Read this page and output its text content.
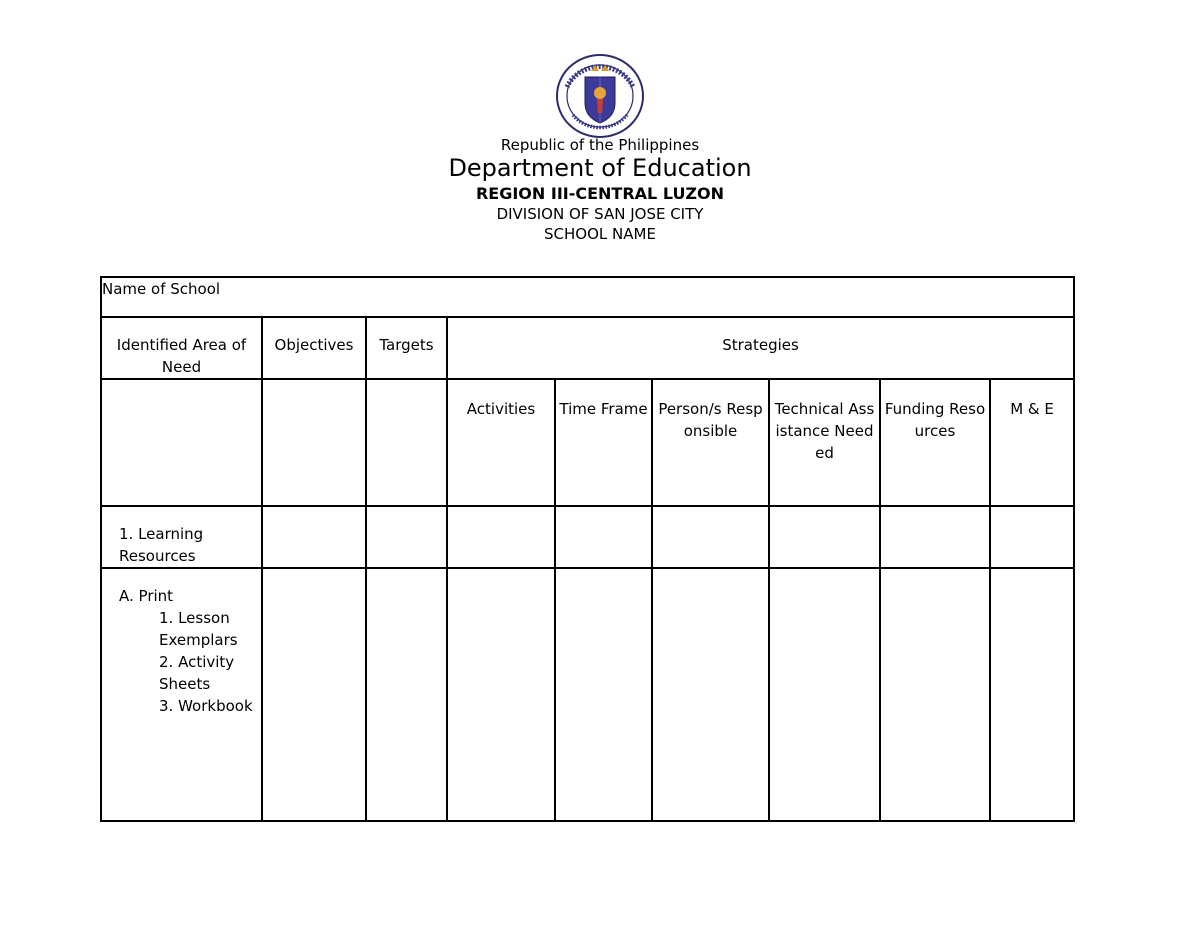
Republic of the Philippines
Department of Education
REGION III-CENTRAL LUZON
DIVISION OF SAN JOSE CITY
SCHOOL NAME
Name of School								
Identified Area of Need	Objectives	Targets	Strategies					
			Activities	Time Frame	Person/s Responsible	Technical Assistance Needed	Funding Resources	M & E
1. Learning Resources								

A. Print
1. Lesson Exemplars
2. Activity Sheets
3. Workbook								
